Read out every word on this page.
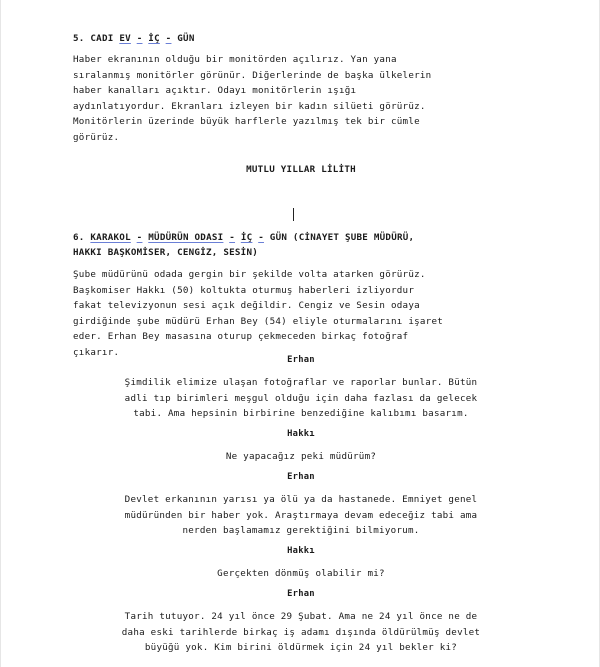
5. CADI EV - İÇ - GÜN
Haber ekranının olduğu bir monitörden açılırız. Yan yana
sıralanmış monitörler görünür. Diğerlerinde de başka ülkelerin
haber kanalları açıktır. Odayı monitörlerin ışığı
aydınlatıyordur. Ekranları izleyen bir kadın silüeti görürüz.
Monitörlerin üzerinde büyük harflerle yazılmış tek bir cümle
görürüz.
MUTLU YILLAR LİLİTH
6. KARAKOL - MÜDÜRÜN ODASI - İÇ - GÜN (CİNAYET ŞUBE MÜDÜRÜ,
HAKKI BAŞKOMİSER, CENGİZ, SESİN)
Şube müdürünü odada gergin bir şekilde volta atarken görürüz.
Başkomiser Hakkı (50) koltukta oturmuş haberleri izliyordur
fakat televizyonun sesi açık değildir. Cengiz ve Sesin odaya
girdiğinde şube müdürü Erhan Bey (54) eliyle oturmalarını işaret
eder. Erhan Bey masasına oturup çekmeceden birkaç fotoğraf
çıkarır.
Erhan
Şimdilik elimize ulaşan fotoğraflar ve raporlar bunlar. Bütün
adli tıp birimleri meşgul olduğu için daha fazlası da gelecek
tabi. Ama hepsinin birbirine benzediğine kalıbımı basarım.
Hakkı
Ne yapacağız peki müdürüm?
Erhan
Devlet erkanının yarısı ya ölü ya da hastanede. Emniyet genel
müdüründen bir haber yok. Araştırmaya devam edeceğiz tabi ama
nerden başlamamız gerektiğini bilmiyorum.
Hakkı
Gerçekten dönmüş olabilir mi?
Erhan
Tarih tutuyor. 24 yıl önce 29 Şubat. Ama ne 24 yıl önce ne de
daha eski tarihlerde birkaç iş adamı dışında öldürülmüş devlet
büyüğü yok. Kim birini öldürmek için 24 yıl bekler ki?
